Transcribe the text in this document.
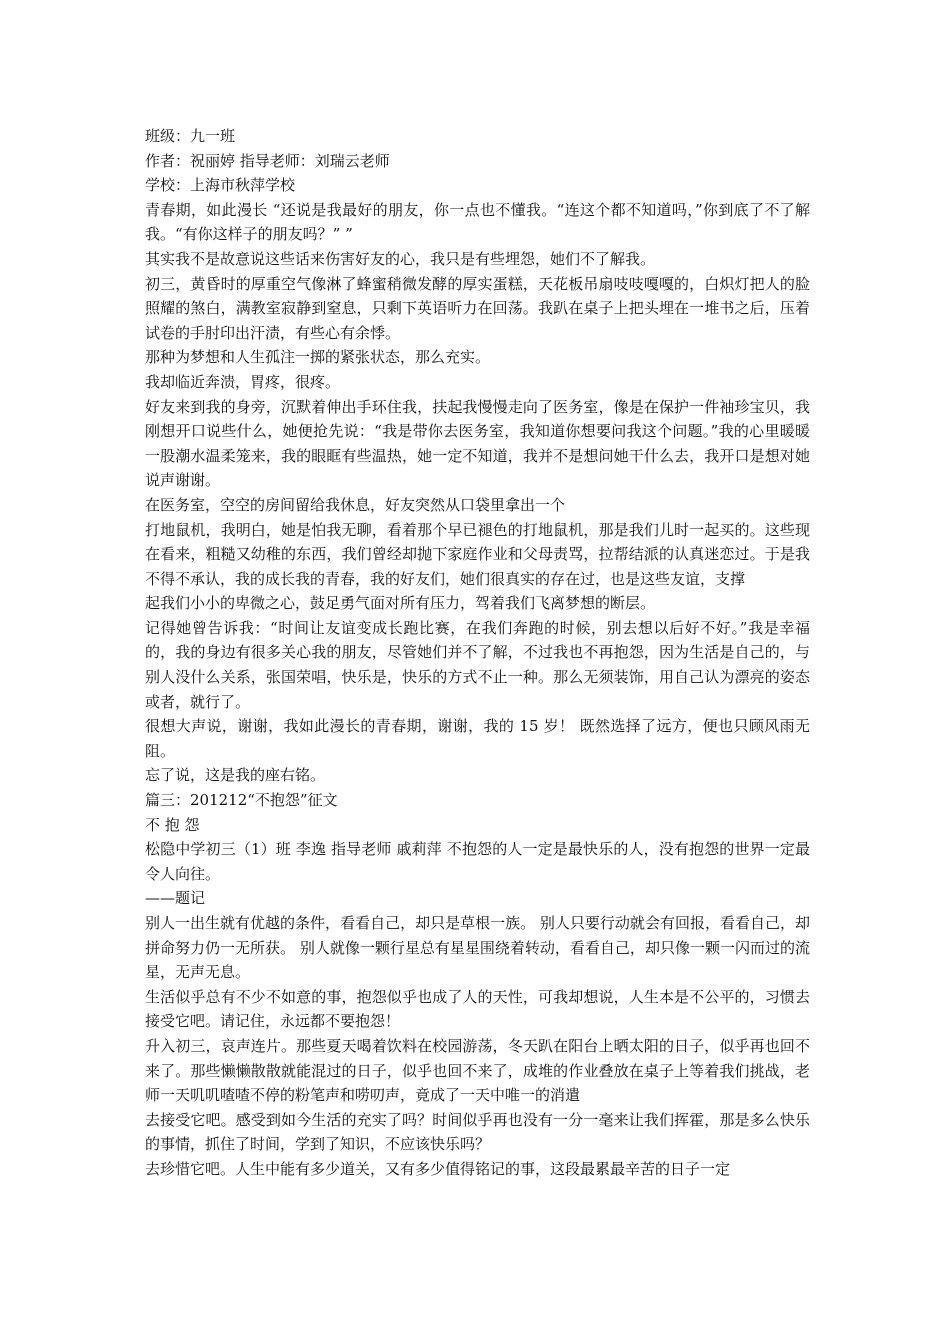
班级：九一班

作者：祝丽婷 指导老师：刘瑞云老师

学校：上海市秋萍学校

青春期，如此漫长 “还说是我最好的朋友，你一点也不懂我。“连这个都不知道吗，”你到底了不了解我。“有你这样子的朋友吗？” ”

其实我不是故意说这些话来伤害好友的心，我只是有些埋怨，她们不了解我。

初三，黄昏时的厚重空气像淋了蜂蜜稍微发酵的厚实蛋糕，天花板吊扇吱吱嘎嘎的，白炽灯把人的脸照耀的煞白，满教室寂静到窒息，只剩下英语听力在回荡。我趴在桌子上把头埋在一堆书之后，压着试卷的手肘印出汗渍，有些心有余悸。

那种为梦想和人生孤注一掷的紧张状态，那么充实。

我却临近奔溃，胃疼，很疼。

好友来到我的身旁，沉默着伸出手环住我，扶起我慢慢走向了医务室，像是在保护一件袖珍宝贝，我刚想开口说些什么，她便抢先说：“我是带你去医务室，我知道你想要问我这个问题。”我的心里暖暖一股潮水温柔笼来，我的眼眶有些温热，她一定不知道，我并不是想问她干什么去，我开口是想对她说声谢谢。

在医务室，空空的房间留给我休息，好友突然从口袋里拿出一个

打地鼠机，我明白，她是怕我无聊，看着那个早已褪色的打地鼠机，那是我们儿时一起买的。这些现在看来，粗糙又幼稚的东西，我们曾经却抛下家庭作业和父母责骂，拉帮结派的认真迷恋过。于是我不得不承认，我的成长我的青春，我的好友们，她们很真实的存在过，也是这些友谊，支撑

起我们小小的卑微之心，鼓足勇气面对所有压力，驾着我们飞离梦想的断层。

记得她曾告诉我：“时间让友谊变成长跑比赛，在我们奔跑的时候，别去想以后好不好。”我是幸福的，我的身边有很多关心我的朋友，尽管她们并不了解，不过我也不再抱怨，因为生活是自己的，与别人没什么关系，张国荣唱，快乐是，快乐的方式不止一种。那么无须装饰，用自己认为漂亮的姿态或者，就行了。

很想大声说，谢谢，我如此漫长的青春期，谢谢，我的 15 岁！ 既然选择了远方，便也只顾风雨无阻。

忘了说，这是我的座右铭。

篇三：201212“不抱怨”征文

不 抱 怨

松隐中学初三（1）班 李逸 指导老师 戚莉萍 不抱怨的人一定是最快乐的人，没有抱怨的世界一定最令人向往。

——题记

别人一出生就有优越的条件，看看自己，却只是草根一族。 别人只要行动就会有回报，看看自己，却拼命努力仍一无所获。 别人就像一颗行星总有星星围绕着转动，看看自己，却只像一颗一闪而过的流星，无声无息。

生活似乎总有不少不如意的事，抱怨似乎也成了人的天性，可我却想说，人生本是不公平的，习惯去接受它吧。请记住，永远都不要抱怨！

升入初三，哀声连片。那些夏天喝着饮料在校园游荡，冬天趴在阳台上晒太阳的日子，似乎再也回不来了。那些懒懒散散就能混过的日子，似乎也回不来了，成堆的作业叠放在桌子上等着我们挑战，老师一天叽叽喳喳不停的粉笔声和唠叨声，竟成了一天中唯一的消遣

去接受它吧。感受到如今生活的充实了吗？时间似乎再也没有一分一毫来让我们挥霍，那是多么快乐的事情，抓住了时间，学到了知识，不应该快乐吗？

去珍惜它吧。人生中能有多少道关，又有多少值得铭记的事，这段最累最辛苦的日子一定
